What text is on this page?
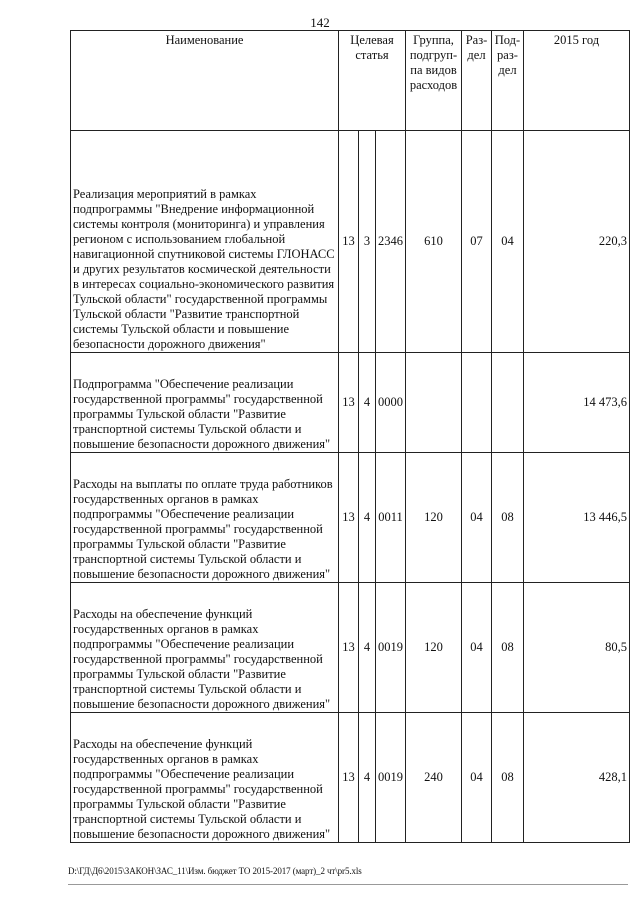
142
Наименование	Целевая статья			Группа, подгруп-па видов расходов	Раз-дел	Под-раз-дел	2015 год
Реализация мероприятий в рамках подпрограммы "Внедрение информационной системы контроля (мониторинга) и управления регионом с использованием глобальной навигационной спутниковой системы ГЛОНАСС и других результатов космической деятельности в интересах социально-экономического развития Тульской области" государственной программы Тульской области "Развитие транспортной системы Тульской области и повышение безопасности дорожного движения"	13	3	2346	610	07	04	220,3
Подпрограмма "Обеспечение реализации государственной программы" государственной программы Тульской области "Развитие транспортной системы Тульской области и повышение безопасности дорожного движения"	13	4	0000				14 473,6
Расходы на выплаты по оплате труда работников государственных органов в рамках подпрограммы "Обеспечение реализации государственной программы" государственной программы Тульской области "Развитие транспортной системы Тульской области и повышение безопасности дорожного движения"	13	4	0011	120	04	08	13 446,5
Расходы на обеспечение функций государственных органов в рамках подпрограммы "Обеспечение реализации государственной программы" государственной программы Тульской области "Развитие транспортной системы Тульской области и повышение безопасности дорожного движения"	13	4	0019	120	04	08	80,5
Расходы на обеспечение функций государственных органов в рамках подпрограммы "Обеспечение реализации государственной программы" государственной программы Тульской области "Развитие транспортной системы Тульской области и повышение безопасности дорожного движения"	13	4	0019	240	04	08	428,1
D:\ГД\Д6\2015\ЗАКОН\ЗАС_11\Изм. бюджет ТО 2015-2017 (март)_2 чт\pr5.xls
